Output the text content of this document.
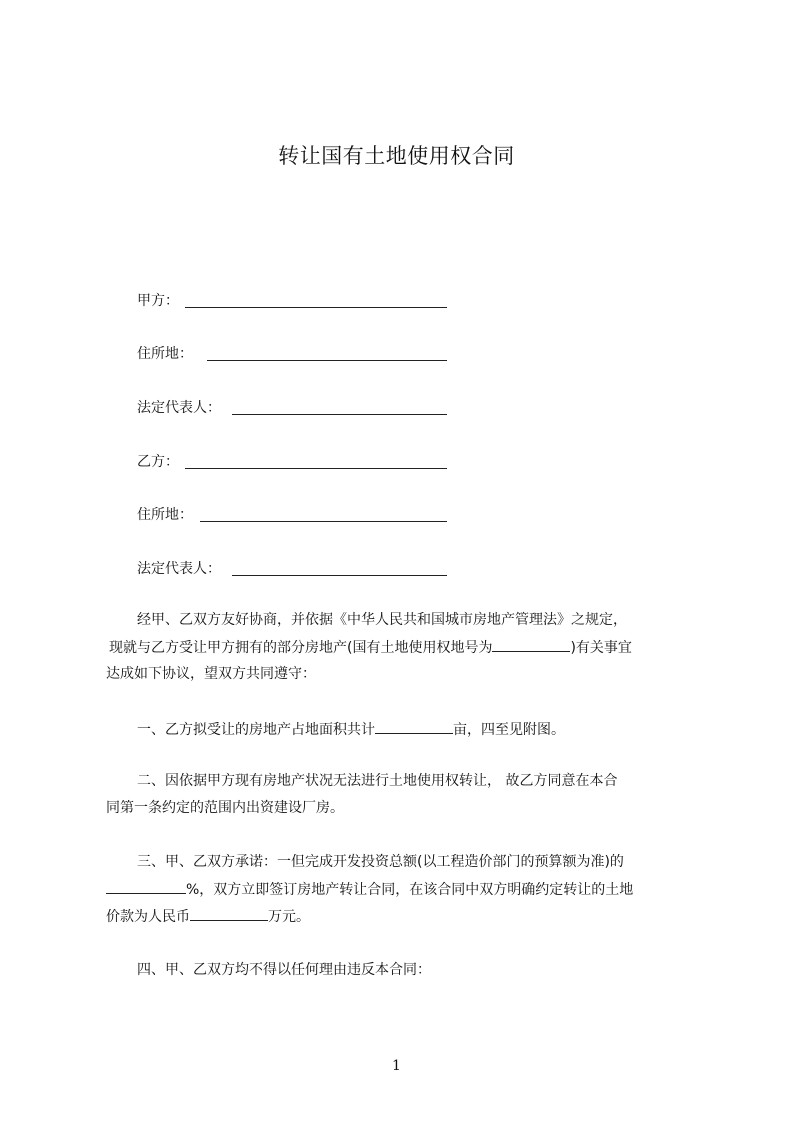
转让国有土地使用权合同
甲方：
住所地：
法定代表人：
乙方：
住所地：
法定代表人：
经甲、乙双方友好协商，并依据《中华人民共和国城市房地产管理法》之规定，
现就与乙方受让甲方拥有的部分房地产(国有土地使用权地号为	)有关事宜
达成如下协议，望双方共同遵守：
一、乙方拟受让的房地产占地面积共计	亩，四至见附图。
二、因依据甲方现有房地产状况无法进行土地使用权转让， 故乙方同意在本合
同第一条约定的范围内出资建设厂房。
三、甲、乙双方承诺：一但完成开发投资总额(以工程造价部门的预算额为准)的
%，双方立即签订房地产转让合同，在该合同中双方明确约定转让的土地
价款为人民币	万元。
四、甲、乙双方均不得以任何理由违反本合同：
1
